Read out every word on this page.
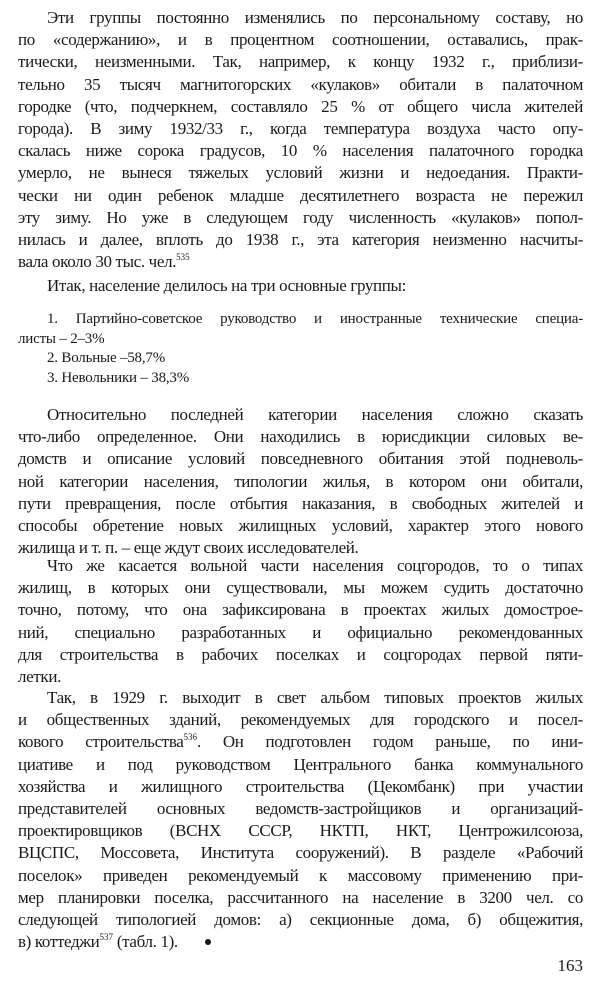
Эти группы постоянно изменялись по персональному составу, но
по «содержанию», и в процентном соотношении, оставались, прак-
тически, неизменными. Так, например, к концу 1932 г., приблизи-
тельно 35 тысяч магнитогорских «кулаков» обитали в палаточном
городке (что, подчеркнем, составляло 25 % от общего числа жителей
города). В зиму 1932/33 г., когда температура воздуха часто опу-
скалась ниже сорока градусов, 10 % населения палаточного городка
умерло, не вынеся тяжелых условий жизни и недоедания. Практи-
чески ни один ребенок младше десятилетнего возраста не пережил
эту зиму. Но уже в следующем году численность «кулаков» попол-
нилась и далее, вплоть до 1938 г., эта категория неизменно насчиты-
вала около 30 тыс. чел.$^{535}$
Итак, население делилось на три основные группы:
1. Партийно-советское руководство и иностранные технические специа-
листы – 2–3%
2. Вольные –58,7%
3. Невольники – 38,3%
Относительно последней категории населения сложно сказать
что-либо определенное. Они находились в юрисдикции силовых ве-
домств и описание условий повседневного обитания этой подневоль-
ной категории населения, типологии жилья, в котором они обитали,
пути превращения, после отбытия наказания, в свободных жителей и
способы обретение новых жилищных условий, характер этого нового
жилища и т. п. – еще ждут своих исследователей.
Что же касается вольной части населения соцгородов, то о типах
жилищ, в которых они существовали, мы можем судить достаточно
точно, потому, что она зафиксирована в проектах жилых домострое-
ний, специально разработанных и официально рекомендованных
для строительства в рабочих поселках и соцгородах первой пяти-
летки.
Так, в 1929 г. выходит в свет альбом типовых проектов жилых
и общественных зданий, рекомендуемых для городского и посел-
кового строительства$^{536}$. Он подготовлен годом раньше, по ини-
циативе и под руководством Центрального банка коммунального
хозяйства и жилищного строительства (Цекомбанк) при участии
представителей основных ведомств-застройщиков и организаций-
проектировщиков (ВСНХ СССР, НКТП, НКТ, Центрожилсоюза,
ВЦСПС, Моссовета, Института сооружений). В разделе «Рабочий
поселок» приведен рекомендуемый к массовому применению при-
мер планировки поселка, рассчитанного на население в 3200 чел. со
следующей типологией домов: а) секционные дома, б) общежития,
в) коттеджи$^{537}$ (табл. 1).
163
